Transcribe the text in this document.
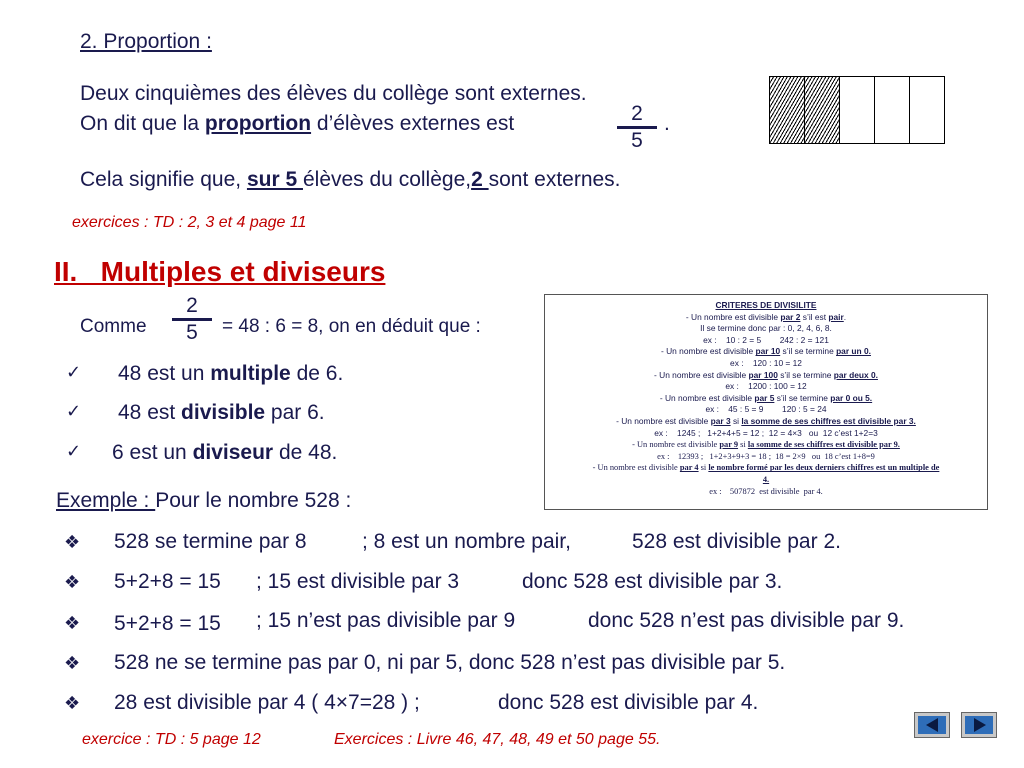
2. Proportion :
Deux cinquièmes des élèves du collège sont externes.
On dit que la proportion d’élèves externes est	2
5
.
Cela signifie que, sur 5 élèves du collège,2 sont externes.
exercices : TD : 2, 3 et 4 page 11
II.   Multiples et diviseurs
Comme
2
5	= 48 : 6 = 8, on en déduit que :
✓ 48 est un multiple de 6.
✓ 48 est divisible par 6.
✓ 6 est un diviseur de 48.
Exemple : Pour le nombre 528 :
❖ 528 se termine par 8	; 8 est un nombre pair,	528 est divisible par 2.
❖ 5+2+8 = 15 ; 15 est divisible par 3	donc 528 est divisible par 3.
❖ 5+2+8 = 15 ; 15 n’est pas divisible par 9	donc 528 n’est pas divisible par 9.
❖ 528 ne se termine pas par 0, ni par 5, donc 528 n’est pas divisible par 5.
❖ 28 est divisible par 4 ( 4×7=28 ) ;	donc 528 est divisible par 4.
exercice : TD : 5 page 12	Exercices : Livre 46, 47, 48, 49 et 50 page 55.
CRITERES DE DIVISILITE
- Un nombre est divisible par 2 s’il est pair.
Il se termine donc par : 0, 2, 4, 6, 8.
ex :    10 : 2 = 5        242 : 2 = 121
- Un nombre est divisible par 10 s’il se termine par un 0.
ex :    120 : 10 = 12
- Un nombre est divisible par 100 s’il se termine par deux 0.
ex :    1200 : 100 = 12
- Un nombre est divisible par 5 s’il se termine par 0 ou 5.
ex :    45 : 5 = 9        120 : 5 = 24
- Un nombre est divisible par 3 si la somme de ses chiffres est divisible par 3.
ex :    1245 ;   1+2+4+5 = 12 ;  12 = 4×3   ou  12 c’est 1+2=3
- Un nombre est divisible par 9 si la somme de ses chiffres est divisible par 9.
ex :    12393 ;   1+2+3+9+3 = 18 ;  18 = 2×9   ou  18 c’est 1+8=9
- Un nombre est divisible par 4 si le nombre formé par les deux derniers chiffres est un multiple de
4.
ex :    507872  est divisible  par 4.
